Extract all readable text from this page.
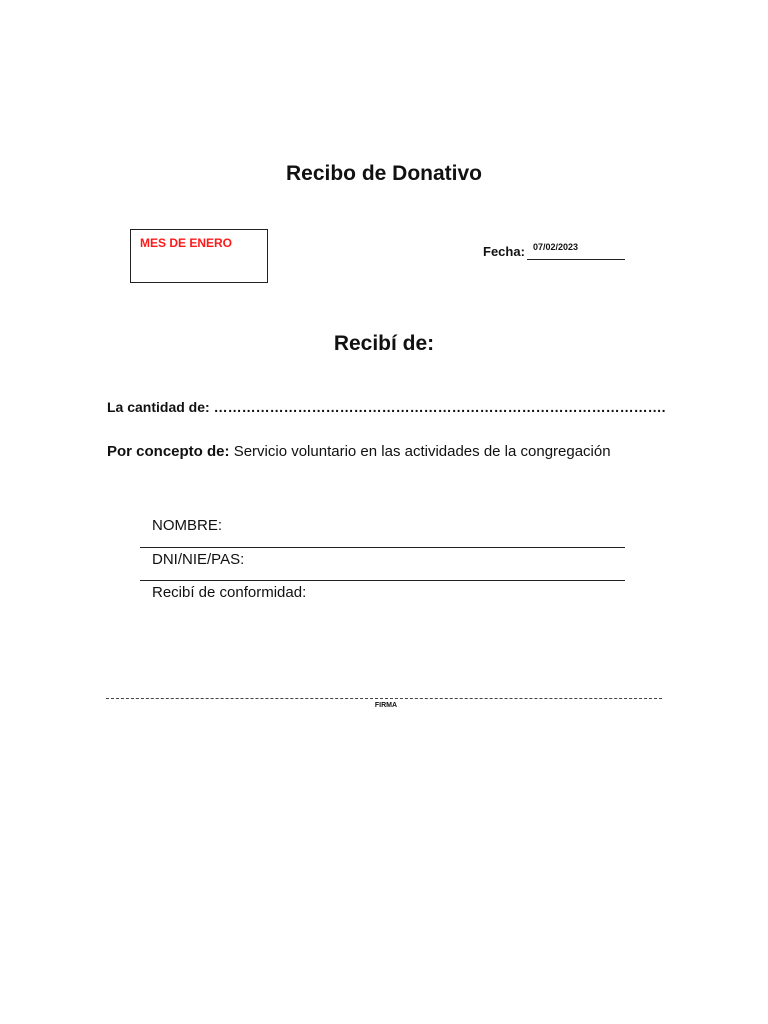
Recibo de Donativo
MES DE ENERO
Fecha: 07/02/2023
Recibí de:
La cantidad de: …………………………………………………………………………………….
Por concepto de: Servicio voluntario en las actividades de la congregación
NOMBRE:
DNI/NIE/PAS:
Recibí de conformidad:
FIRMA
